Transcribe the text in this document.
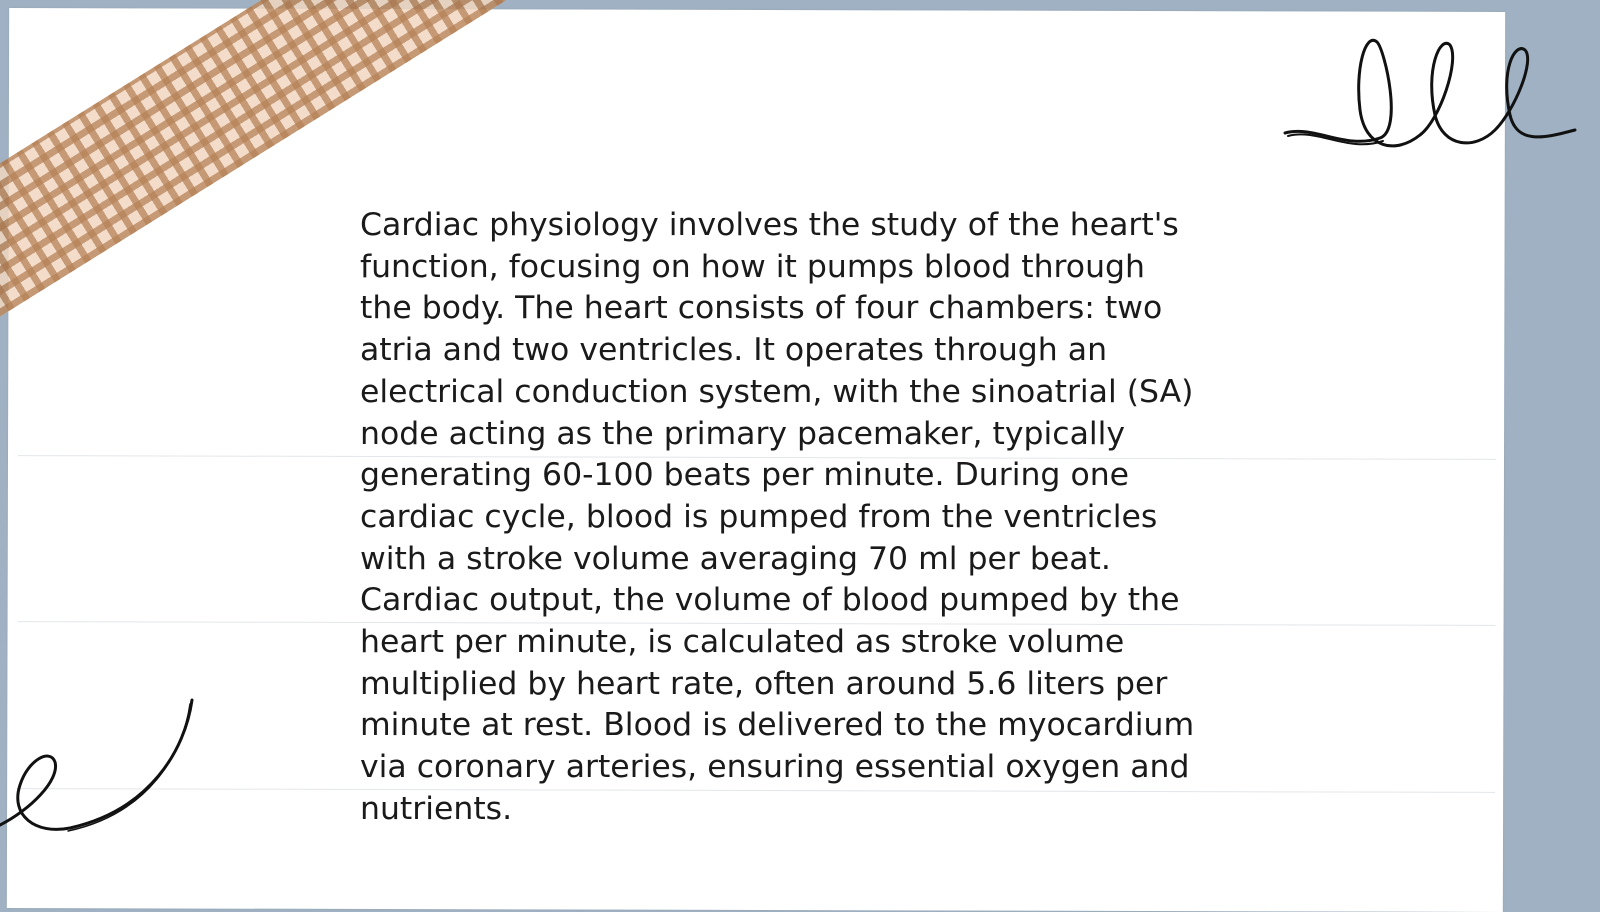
Cardiac physiology involves the study of the heart's
function, focusing on how it pumps blood through
the body. The heart consists of four chambers: two
atria and two ventricles. It operates through an
electrical conduction system, with the sinoatrial (SA)
node acting as the primary pacemaker, typically
generating 60-100 beats per minute. During one
cardiac cycle, blood is pumped from the ventricles
with a stroke volume averaging 70 ml per beat.
Cardiac output, the volume of blood pumped by the
heart per minute, is calculated as stroke volume
multiplied by heart rate, often around 5.6 liters per
minute at rest. Blood is delivered to the myocardium
via coronary arteries, ensuring essential oxygen and
nutrients.
